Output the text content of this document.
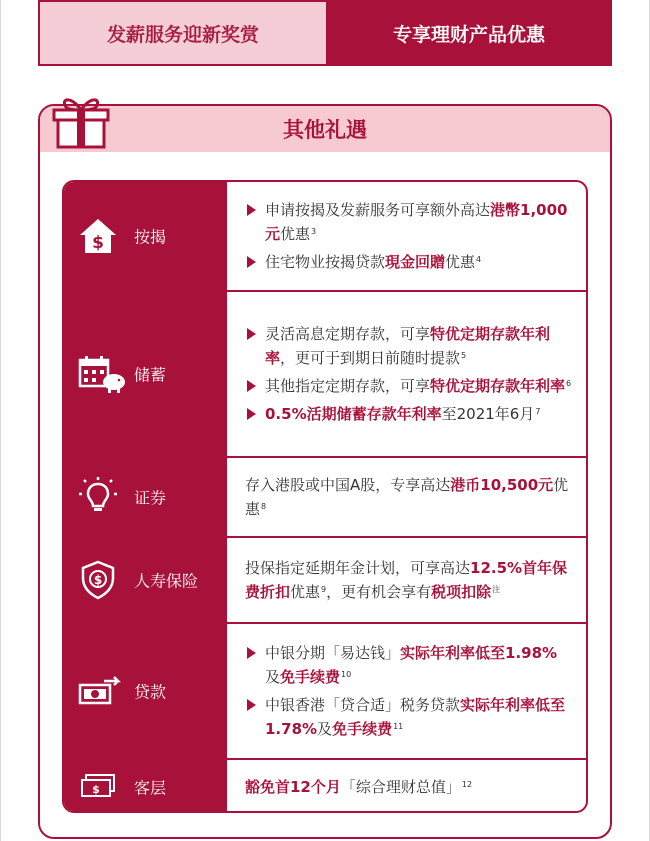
发薪服务迎新奖赏	专享理财产品优惠
其他礼遇
$ 按揭
申请按揭及发薪服务可享额外高达港幣1,000元优惠$^3$
住宅物业按揭贷款現金回贈优惠$^4$
储蓄
灵活高息定期存款，可享特优定期存款年利率，更可于到期日前随时提款$^5$
其他指定定期存款，可享特优定期存款年利率$^6$
0.5%活期储蓄存款年利率至2021年6月$^7$
证券
存入港股或中国A股，专享高达港币10,500元优惠$^8$
$ 人寿保险
投保指定延期年金计划，可享高达12.5%首年保费折扣优惠$^9$，更有机会享有税项扣除$^注$
贷款
中银分期「易达钱」实际年利率低至1.98%及免手续费$^{10}$
中银香港「贷合适」税务贷款实际年利率低至1.78%及免手续费$^{11}$
$ 客层	豁免首12个月「综合理财总值」$^{12}$
